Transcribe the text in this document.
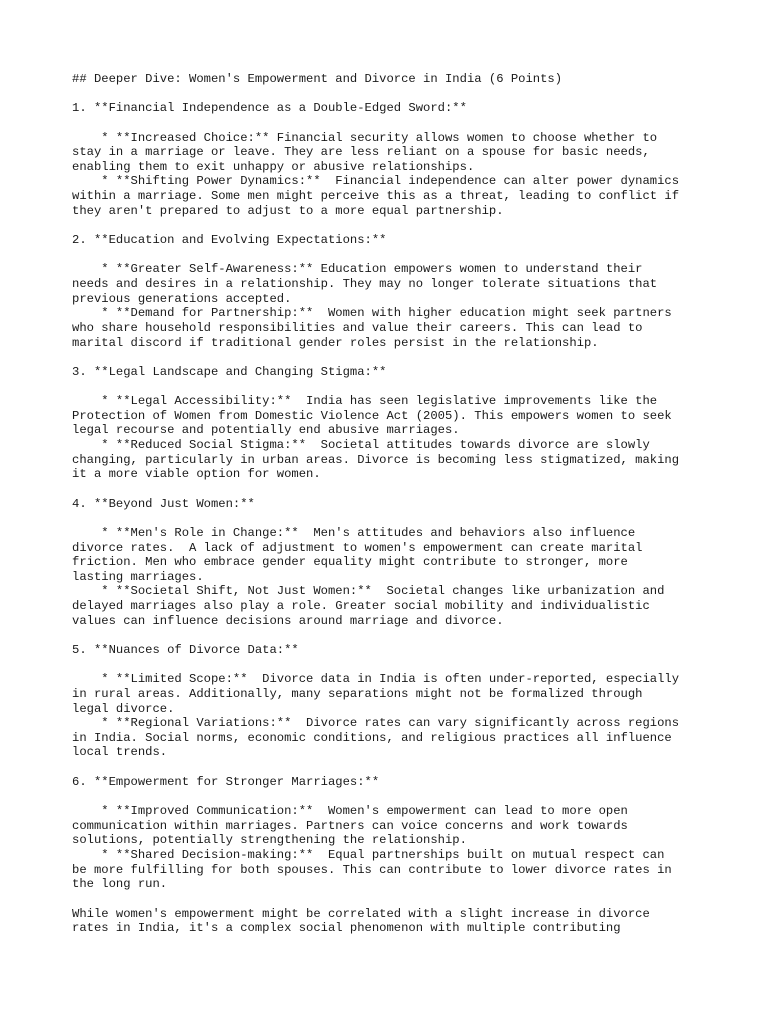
## Deeper Dive: Women's Empowerment and Divorce in India (6 Points)

1. **Financial Independence as a Double-Edged Sword:**

* **Increased Choice:** Financial security allows women to choose whether to
stay in a marriage or leave. They are less reliant on a spouse for basic needs,
enabling them to exit unhappy or abusive relationships.
* **Shifting Power Dynamics:**  Financial independence can alter power dynamics
within a marriage. Some men might perceive this as a threat, leading to conflict if
they aren't prepared to adjust to a more equal partnership.

2. **Education and Evolving Expectations:**

* **Greater Self-Awareness:** Education empowers women to understand their
needs and desires in a relationship. They may no longer tolerate situations that
previous generations accepted.
* **Demand for Partnership:**  Women with higher education might seek partners
who share household responsibilities and value their careers. This can lead to
marital discord if traditional gender roles persist in the relationship.

3. **Legal Landscape and Changing Stigma:**

* **Legal Accessibility:**  India has seen legislative improvements like the
Protection of Women from Domestic Violence Act (2005). This empowers women to seek
legal recourse and potentially end abusive marriages.
* **Reduced Social Stigma:**  Societal attitudes towards divorce are slowly
changing, particularly in urban areas. Divorce is becoming less stigmatized, making
it a more viable option for women.

4. **Beyond Just Women:**

* **Men's Role in Change:**  Men's attitudes and behaviors also influence
divorce rates.  A lack of adjustment to women's empowerment can create marital
friction. Men who embrace gender equality might contribute to stronger, more
lasting marriages.
* **Societal Shift, Not Just Women:**  Societal changes like urbanization and
delayed marriages also play a role. Greater social mobility and individualistic
values can influence decisions around marriage and divorce.

5. **Nuances of Divorce Data:**

* **Limited Scope:**  Divorce data in India is often under-reported, especially
in rural areas. Additionally, many separations might not be formalized through
legal divorce.
* **Regional Variations:**  Divorce rates can vary significantly across regions
in India. Social norms, economic conditions, and religious practices all influence
local trends.

6. **Empowerment for Stronger Marriages:**

* **Improved Communication:**  Women's empowerment can lead to more open
communication within marriages. Partners can voice concerns and work towards
solutions, potentially strengthening the relationship.
* **Shared Decision-making:**  Equal partnerships built on mutual respect can
be more fulfilling for both spouses. This can contribute to lower divorce rates in
the long run.

While women's empowerment might be correlated with a slight increase in divorce
rates in India, it's a complex social phenomenon with multiple contributing
